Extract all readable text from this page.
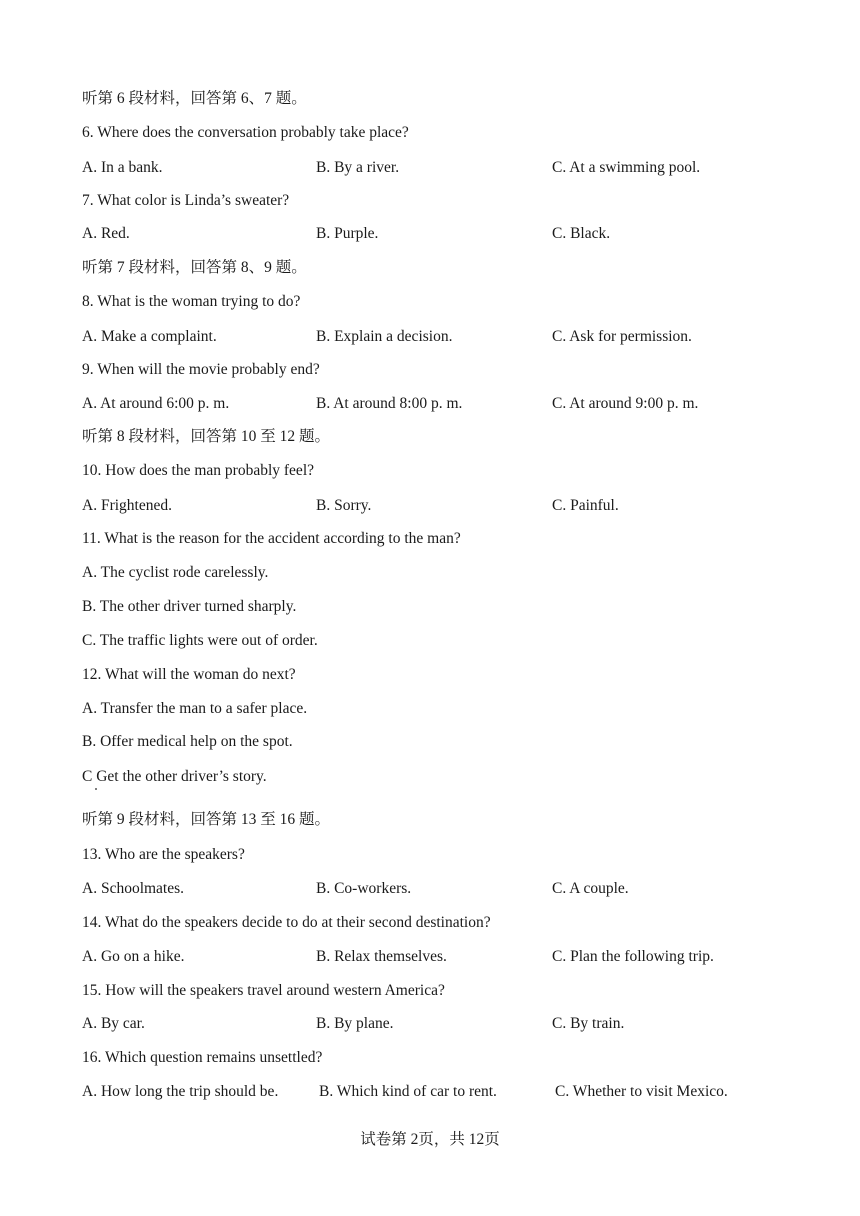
听第 6 段材料，回答第 6、7 题。
6. Where does the conversation probably take place?
A. In a bank.	B. By a river.	C. At a swimming pool.
7. What color is Linda’s sweater?
A. Red.	B. Purple.	C. Black.
听第 7 段材料，回答第 8、9 题。
8. What is the woman trying to do?
A. Make a complaint.	B. Explain a decision.	C. Ask for permission.
9. When will the movie probably end?
A. At around 6:00 p. m.	B. At around 8:00 p. m.	C. At around 9:00 p. m.
听第 8 段材料，回答第 10 至 12 题。
10. How does the man probably feel?
A. Frightened.	B. Sorry.	C. Painful.
11. What is the reason for the accident according to the man?
A. The cyclist rode carelessly.
B. The other driver turned sharply.
C. The traffic lights were out of order.
12. What will the woman do next?
A. Transfer the man to a safer place.
B. Offer medical help on the spot.
C Get the other driver’s story.
听第 9 段材料，回答第 13 至 16 题。
13. Who are the speakers?
A. Schoolmates.	B. Co-workers.	C. A couple.
14. What do the speakers decide to do at their second destination?
A. Go on a hike.	B. Relax themselves.	C. Plan the following trip.
15. How will the speakers travel around western America?
A. By car.	B. By plane.	C. By train.
16. Which question remains unsettled?
A. How long the trip should be.	B. Which kind of car to rent.	C. Whether to visit Mexico.
试卷第 2页，共 12页
